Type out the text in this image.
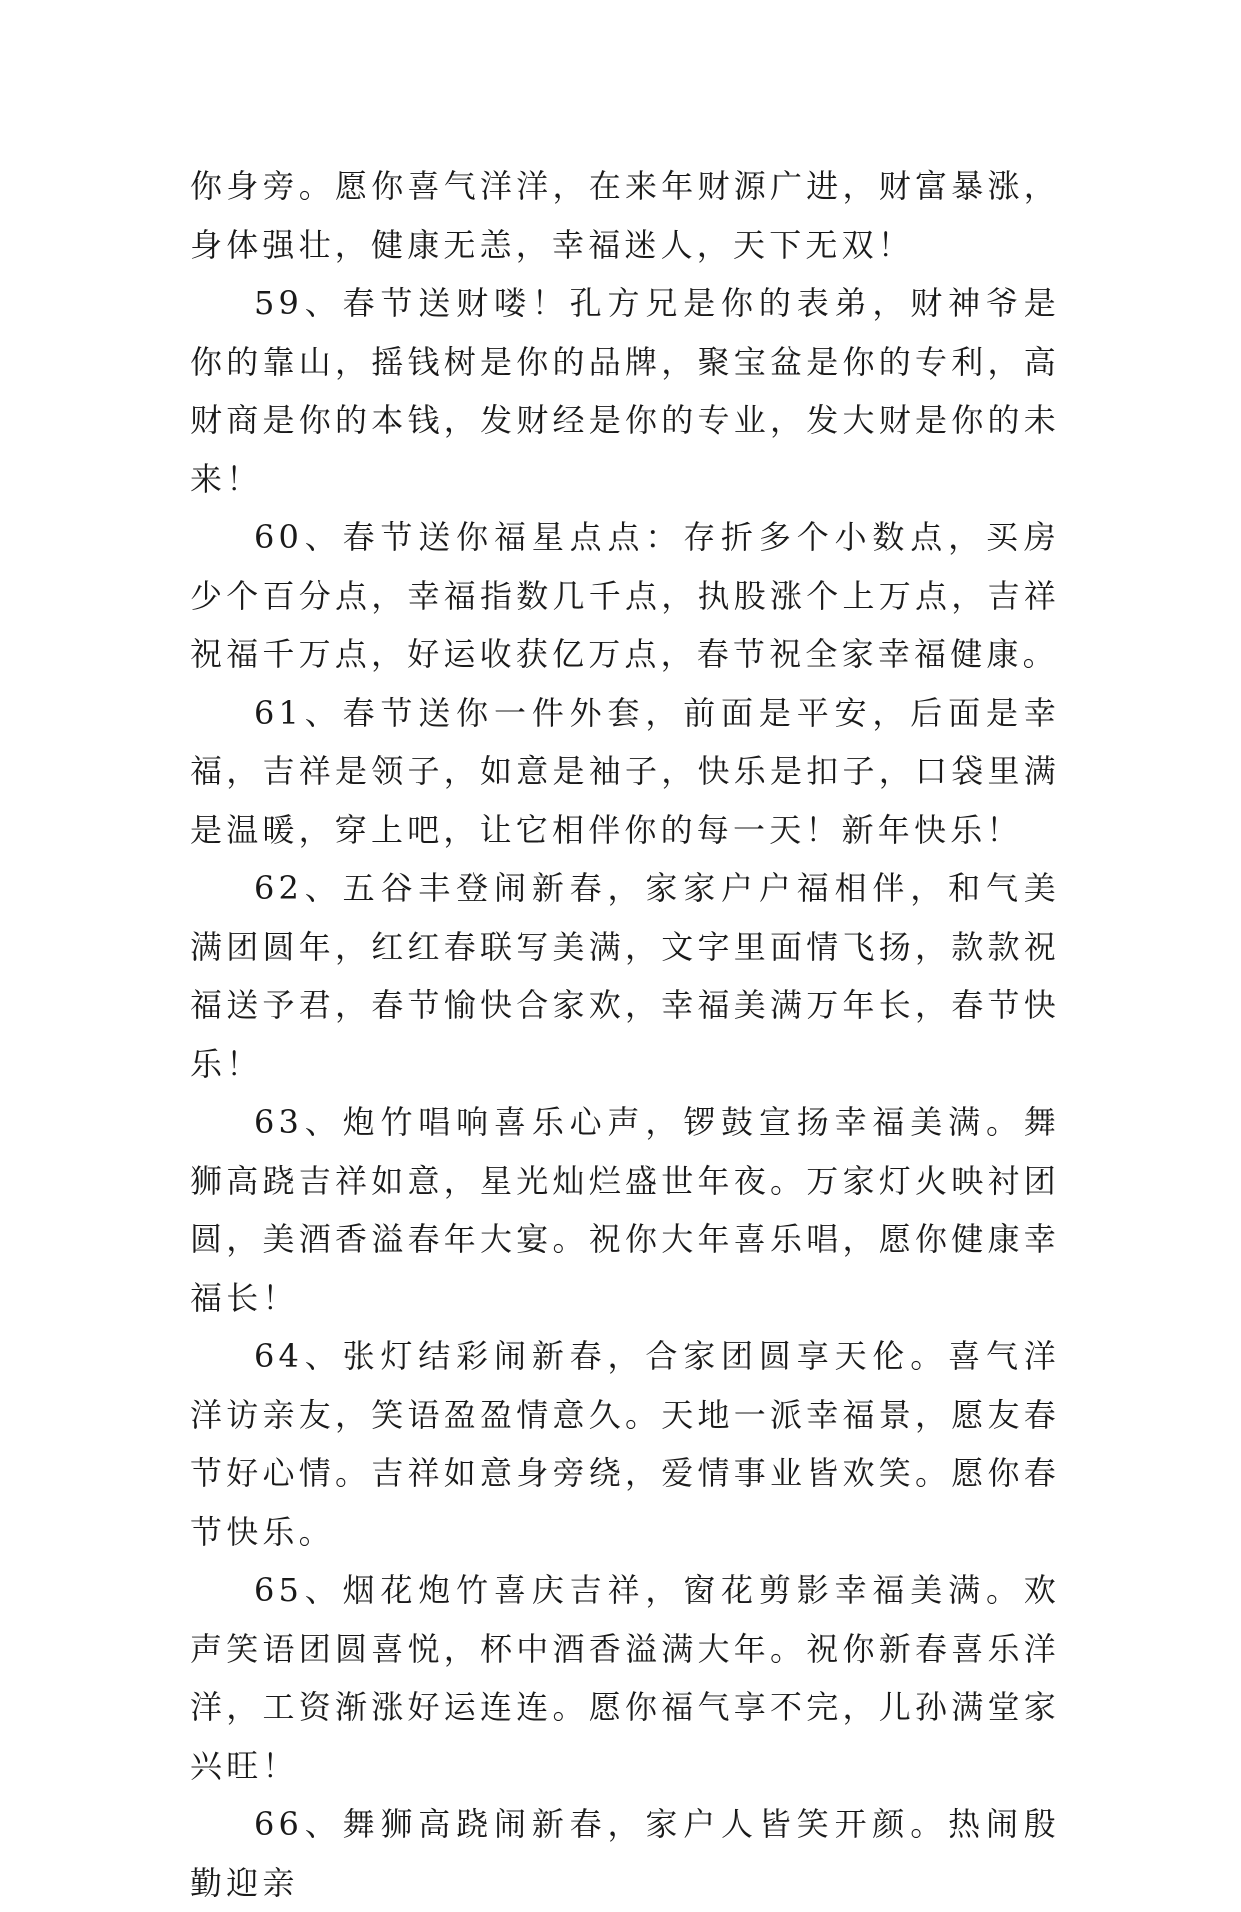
你身旁。愿你喜气洋洋，在来年财源广进，财富暴涨，身体强壮，健康无恙，幸福迷人，天下无双！

59、春节送财喽！孔方兄是你的表弟，财神爷是你的靠山，摇钱树是你的品牌，聚宝盆是你的专利，高财商是你的本钱，发财经是你的专业，发大财是你的未来！

60、春节送你福星点点：存折多个小数点，买房少个百分点，幸福指数几千点，执股涨个上万点，吉祥祝福千万点，好运收获亿万点，春节祝全家幸福健康。

61、春节送你一件外套，前面是平安，后面是幸福，吉祥是领子，如意是袖子，快乐是扣子，口袋里满是温暖，穿上吧，让它相伴你的每一天！新年快乐！

62、五谷丰登闹新春，家家户户福相伴，和气美满团圆年，红红春联写美满，文字里面情飞扬，款款祝福送予君，春节愉快合家欢，幸福美满万年长，春节快乐！

63、炮竹唱响喜乐心声，锣鼓宣扬幸福美满。舞狮高跷吉祥如意，星光灿烂盛世年夜。万家灯火映衬团圆，美酒香溢春年大宴。祝你大年喜乐唱，愿你健康幸福长！

64、张灯结彩闹新春，合家团圆享天伦。喜气洋洋访亲友，笑语盈盈情意久。天地一派幸福景，愿友春节好心情。吉祥如意身旁绕，爱情事业皆欢笑。愿你春节快乐。

65、烟花炮竹喜庆吉祥，窗花剪影幸福美满。欢声笑语团圆喜悦，杯中酒香溢满大年。祝你新春喜乐洋洋，工资渐涨好运连连。愿你福气享不完，儿孙满堂家兴旺！

66、舞狮高跷闹新春，家户人皆笑开颜。热闹殷勤迎亲
